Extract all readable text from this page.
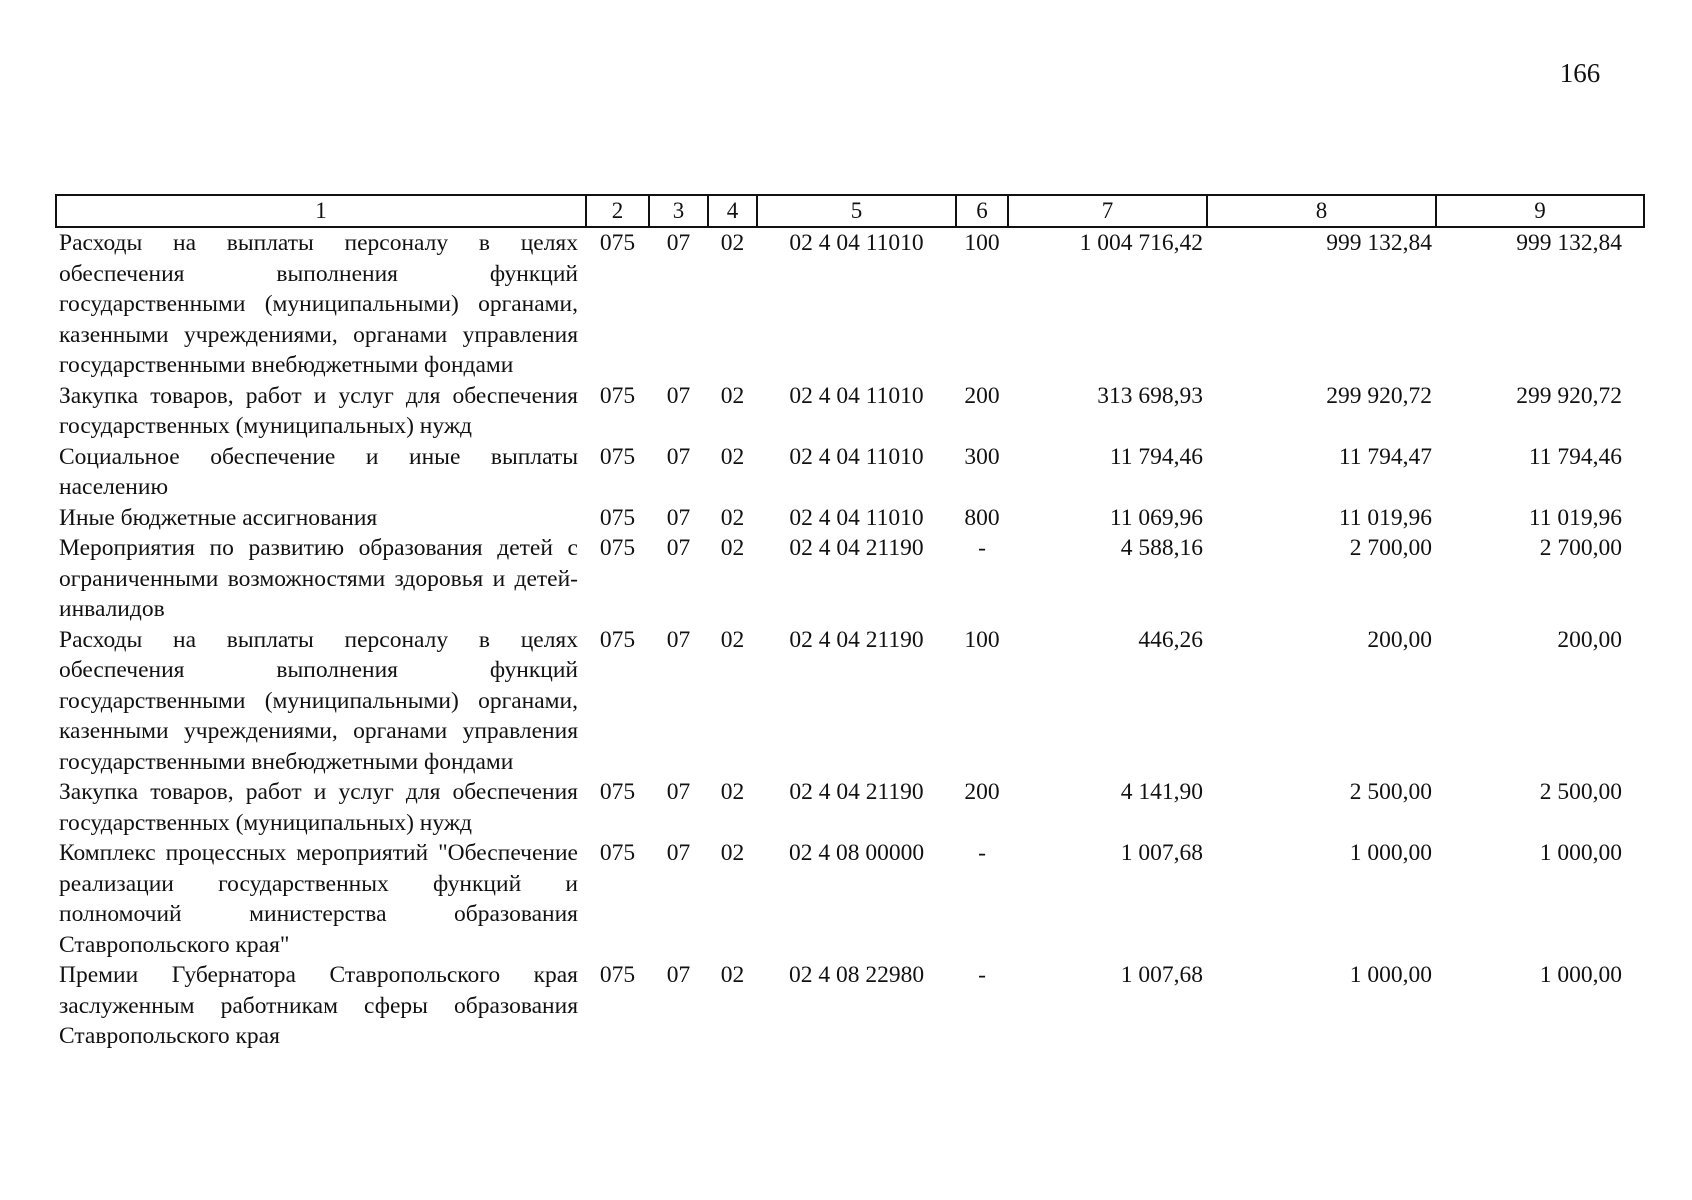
166
1	2	3	4	5	6	7	8	9
Расходы на выплаты персоналу в целях обеспечения выполнения функций государственными (муниципальными) органами, казенными учреждениями, органами управления государственными внебюджетными фондами	075	07	02	02 4 04 11010	100	1 004 716,42	999 132,84	999 132,84
Закупка товаров, работ и услуг для обеспечения государственных (муниципальных) нужд	075	07	02	02 4 04 11010	200	313 698,93	299 920,72	299 920,72
Социальное обеспечение и иные выплаты населению	075	07	02	02 4 04 11010	300	11 794,46	11 794,47	11 794,46
Иные бюджетные ассигнования	075	07	02	02 4 04 11010	800	11 069,96	11 019,96	11 019,96
Мероприятия по развитию образования детей с ограниченными возможностями здоровья и детей-инвалидов	075	07	02	02 4 04 21190	-	4 588,16	2 700,00	2 700,00
Расходы на выплаты персоналу в целях обеспечения выполнения функций государственными (муниципальными) органами, казенными учреждениями, органами управления государственными внебюджетными фондами	075	07	02	02 4 04 21190	100	446,26	200,00	200,00
Закупка товаров, работ и услуг для обеспечения государственных (муниципальных) нужд	075	07	02	02 4 04 21190	200	4 141,90	2 500,00	2 500,00
Комплекс процессных мероприятий "Обеспечение реализации государственных функций и полномочий министерства образования Ставропольского края"	075	07	02	02 4 08 00000	-	1 007,68	1 000,00	1 000,00
Премии Губернатора Ставропольского края заслуженным работникам сферы образования Ставропольского края	075	07	02	02 4 08 22980	-	1 007,68	1 000,00	1 000,00
